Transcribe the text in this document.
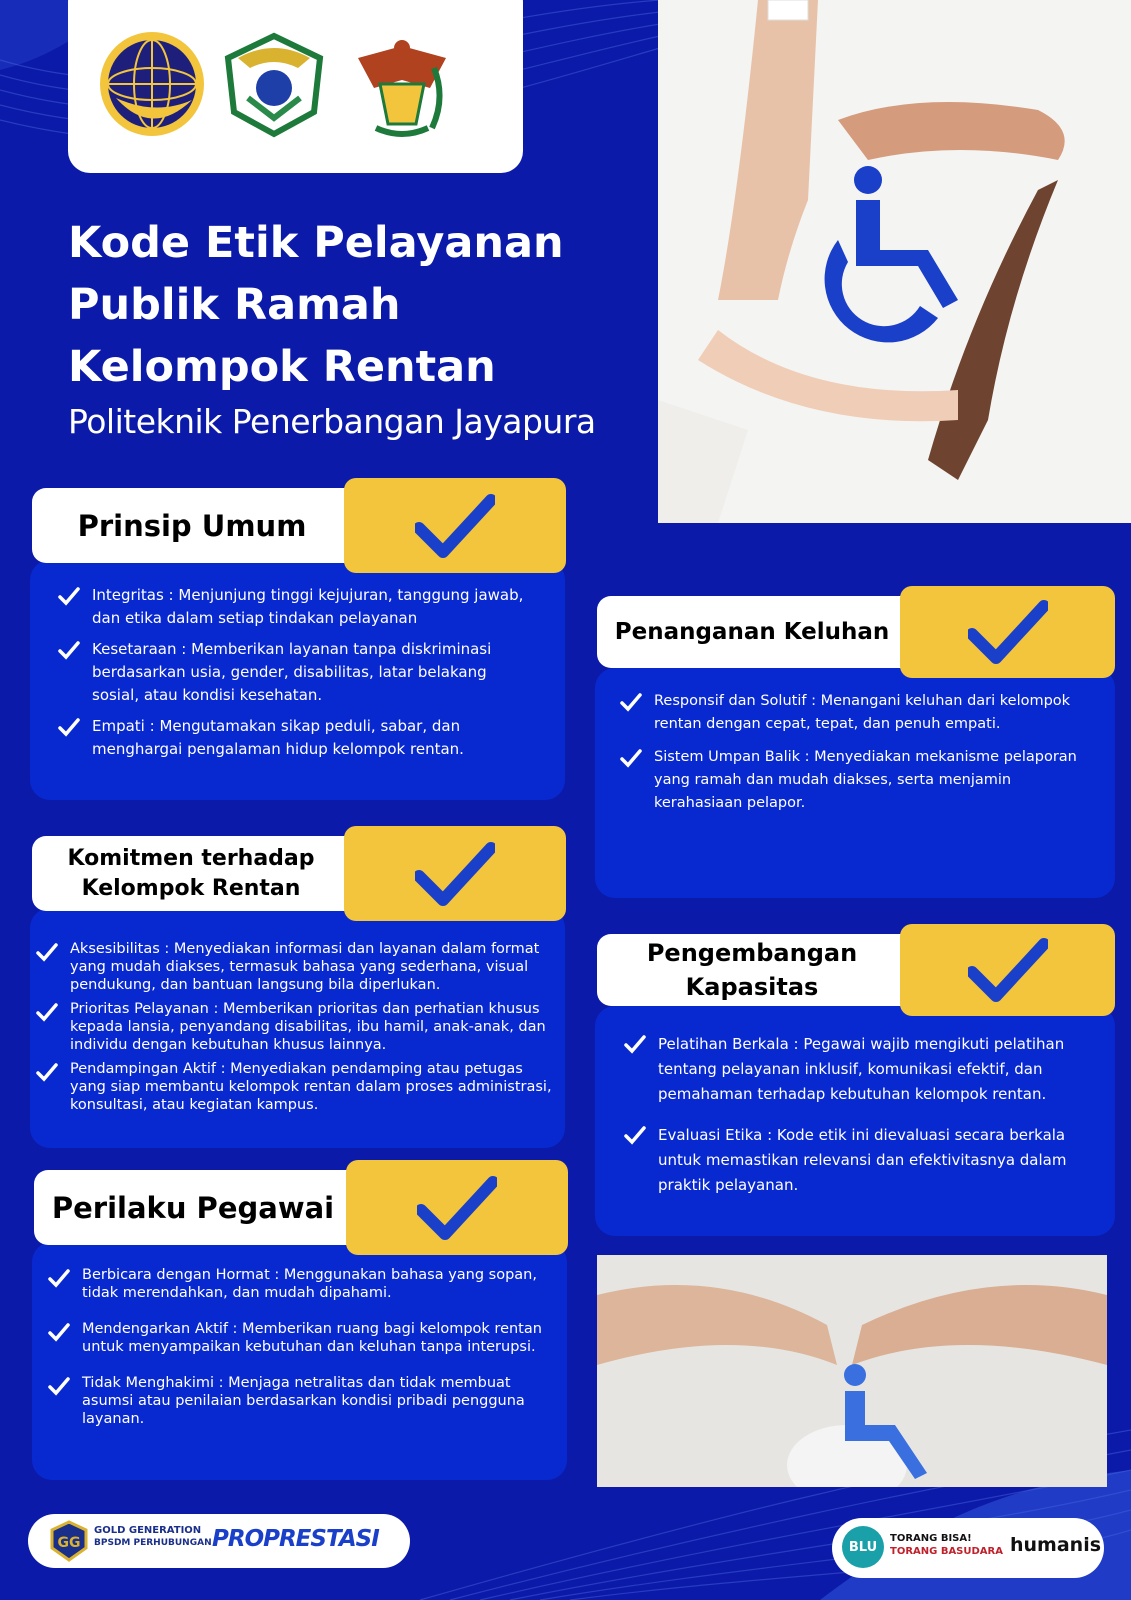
Kode Etik Pelayanan
Publik Ramah
Kelompok Rentan
Politeknik Penerbangan Jayapura
Prinsip Umum
Integritas : Menjunjung tinggi kejujuran, tanggung jawab, dan etika dalam setiap tindakan pelayanan
Kesetaraan : Memberikan layanan tanpa diskriminasi berdasarkan usia, gender, disabilitas, latar belakang sosial, atau kondisi kesehatan.
Empati : Mengutamakan sikap peduli, sabar, dan menghargai pengalaman hidup kelompok rentan.
Komitmen terhadap
Kelompok Rentan
Aksesibilitas : Menyediakan informasi dan layanan dalam format yang mudah diakses, termasuk bahasa yang sederhana, visual pendukung, dan bantuan langsung bila diperlukan.
Prioritas Pelayanan : Memberikan prioritas dan perhatian khusus kepada lansia, penyandang disabilitas, ibu hamil, anak-anak, dan individu dengan kebutuhan khusus lainnya.
Pendampingan Aktif : Menyediakan pendamping atau petugas yang siap membantu kelompok rentan dalam proses administrasi, konsultasi, atau kegiatan kampus.
Perilaku Pegawai
Berbicara dengan Hormat : Menggunakan bahasa yang sopan, tidak merendahkan, dan mudah dipahami.
Mendengarkan Aktif : Memberikan ruang bagi kelompok rentan untuk menyampaikan kebutuhan dan keluhan tanpa interupsi.
Tidak Menghakimi : Menjaga netralitas dan tidak membuat asumsi atau penilaian berdasarkan kondisi pribadi pengguna layanan.
Penanganan Keluhan
Responsif dan Solutif : Menangani keluhan dari kelompok rentan dengan cepat, tepat, dan penuh empati.
Sistem Umpan Balik : Menyediakan mekanisme pelaporan yang ramah dan mudah diakses, serta menjamin kerahasiaan pelapor.
Pengembangan
Kapasitas
Pelatihan Berkala : Pegawai wajib mengikuti pelatihan tentang pelayanan inklusif, komunikasi efektif, dan pemahaman terhadap kebutuhan kelompok rentan.
Evaluasi Etika : Kode etik ini dievaluasi secara berkala untuk memastikan relevansi dan efektivitasnya dalam praktik pelayanan.
GG
GOLD GENERATION
BPSDM PERHUBUNGAN PROPRESTASI	BLU
TORANG BISA!
TORANG BASUDARA humanis
